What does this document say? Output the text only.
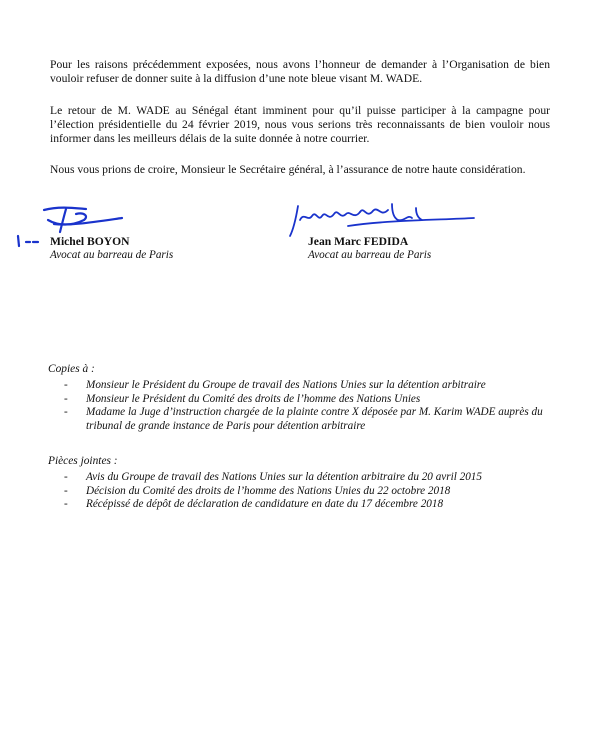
Pour les raisons précédemment exposées, nous avons l’honneur de demander à l’Organisation de bien vouloir refuser de donner suite à la diffusion d’une note bleue visant M. WADE.

Le retour de M. WADE au Sénégal étant imminent pour qu’il puisse participer à la campagne pour l’élection présidentielle du 24 février 2019, nous vous serions très reconnaissants de bien vouloir nous informer dans les meilleurs délais de la suite donnée à notre courrier.

Nous vous prions de croire, Monsieur le Secrétaire général, à l’assurance de notre haute considération.

Michel BOYON
Avocat au barreau de Paris
Jean Marc FEDIDA
Avocat au barreau de Paris

Copies à :

- Monsieur le Président du Groupe de travail des Nations Unies sur la détention arbitraire
- Monsieur le Président du Comité des droits de l’homme des Nations Unies
- Madame la Juge d’instruction chargée de la plainte contre X déposée par M. Karim WADE auprès du tribunal de grande instance de Paris pour détention arbitraire

Pièces jointes :

- Avis du Groupe de travail des Nations Unies sur la détention arbitraire du 20 avril 2015
- Décision du Comité des droits de l’homme des Nations Unies du 22 octobre 2018
- Récépissé de dépôt de déclaration de candidature en date du 17 décembre 2018
